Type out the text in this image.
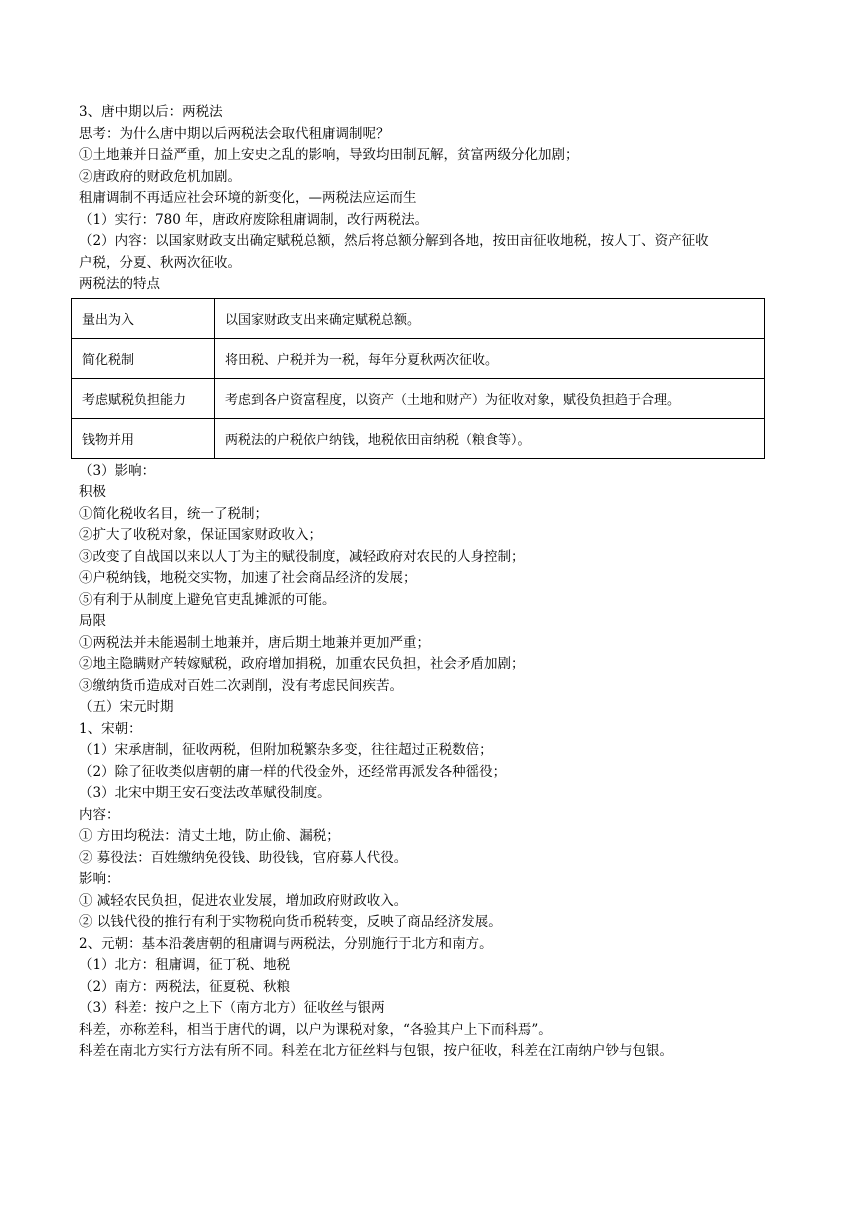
3、唐中期以后：两税法
思考：为什么唐中期以后两税法会取代租庸调制呢？
①土地兼并日益严重，加上安史之乱的影响，导致均田制瓦解，贫富两级分化加剧；
②唐政府的财政危机加剧。
租庸调制不再适应社会环境的新变化，—两税法应运而生
（1）实行：780 年，唐政府废除租庸调制，改行两税法。
（2）内容：以国家财政支出确定赋税总额，然后将总额分解到各地，按田亩征收地税，按人丁、资产征收
户税，分夏、秋两次征收。
两税法的特点
量出为入	以国家财政支出来确定赋税总额。
简化税制	将田税、户税并为一税，每年分夏秋两次征收。
考虑赋税负担能力	考虑到各户资富程度，以资产（土地和财产）为征收对象，赋役负担趋于合理。
钱物并用	两税法的户税依户纳钱，地税依田亩纳税（粮食等）。
（3）影响：
积极
①简化税收名目，统一了税制；
②扩大了收税对象，保证国家财政收入；
③改变了自战国以来以人丁为主的赋役制度，减轻政府对农民的人身控制；
④户税纳钱，地税交实物，加速了社会商品经济的发展；
⑤有利于从制度上避免官吏乱摊派的可能。
局限
①两税法并未能遏制土地兼并，唐后期土地兼并更加严重；
②地主隐瞒财产转嫁赋税，政府增加捐税，加重农民负担，社会矛盾加剧；
③缴纳货币造成对百姓二次剥削，没有考虑民间疾苦。
（五）宋元时期
1、宋朝：
（1）宋承唐制，征收两税，但附加税繁杂多变，往往超过正税数倍；
（2）除了征收类似唐朝的庸一样的代役金外，还经常再派发各种徭役；
（3）北宋中期王安石变法改革赋役制度。
内容：
① 方田均税法：清丈土地，防止偷、漏税；
② 募役法：百姓缴纳免役钱、助役钱，官府募人代役。
影响：
① 减轻农民负担，促进农业发展，增加政府财政收入。
② 以钱代役的推行有利于实物税向货币税转变，反映了商品经济发展。
2、元朝：基本沿袭唐朝的租庸调与两税法，分别施行于北方和南方。
（1）北方：租庸调，征丁税、地税
（2）南方：两税法，征夏税、秋粮
（3）科差：按户之上下（南方北方）征收丝与银两
科差，亦称差科，相当于唐代的调，以户为课税对象，“各验其户上下而科焉”。
科差在南北方实行方法有所不同。科差在北方征丝料与包银，按户征收，科差在江南纳户钞与包银。
